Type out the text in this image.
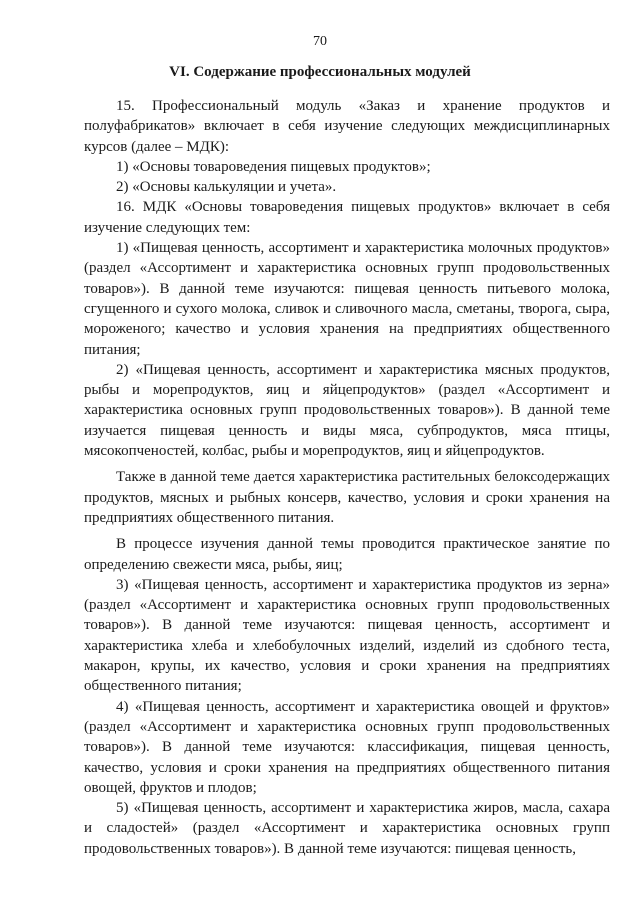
70
VI. Содержание профессиональных модулей

15. Профессиональный модуль «Заказ и хранение продуктов и полуфабрикатов» включает в себя изучение следующих междисциплинарных курсов (далее – МДК):

1) «Основы товароведения пищевых продуктов»;

2) «Основы калькуляции и учета».

16. МДК «Основы товароведения пищевых продуктов» включает в себя изучение следующих тем:

1) «Пищевая ценность, ассортимент и характеристика молочных продуктов» (раздел «Ассортимент и характеристика основных групп продовольственных товаров»). В данной теме изучаются: пищевая ценность питьевого молока, сгущенного и сухого молока, сливок и сливочного масла, сметаны, творога, сыра, мороженого; качество и условия хранения на предприятиях общественного питания;

2) «Пищевая ценность, ассортимент и характеристика мясных продуктов, рыбы и морепродуктов, яиц и яйцепродуктов» (раздел «Ассортимент и характеристика основных групп продовольственных товаров»). В данной теме изучается пищевая ценность и виды мяса, субпродуктов, мяса птицы, мясокопченостей, колбас, рыбы и морепродуктов, яиц и яйцепродуктов.

Также в данной теме дается характеристика растительных белоксодержащих продуктов, мясных и рыбных консерв, качество, условия и сроки хранения на предприятиях общественного питания.

В процессе изучения данной темы проводится практическое занятие по определению свежести мяса, рыбы, яиц;

3) «Пищевая ценность, ассортимент и характеристика продуктов из зерна» (раздел «Ассортимент и характеристика основных групп продовольственных товаров»). В данной теме изучаются: пищевая ценность, ассортимент и характеристика хлеба и хлебобулочных изделий, изделий из сдобного теста, макарон, крупы, их качество, условия и сроки хранения на предприятиях общественного питания;

4) «Пищевая ценность, ассортимент и характеристика овощей и фруктов» (раздел «Ассортимент и характеристика основных групп продовольственных товаров»). В данной теме изучаются: классификация, пищевая ценность, качество, условия и сроки хранения на предприятиях общественного питания овощей, фруктов и плодов;

5) «Пищевая ценность, ассортимент и характеристика жиров, масла, сахара и сладостей» (раздел «Ассортимент и характеристика основных групп продовольственных товаров»). В данной теме изучаются: пищевая ценность,
